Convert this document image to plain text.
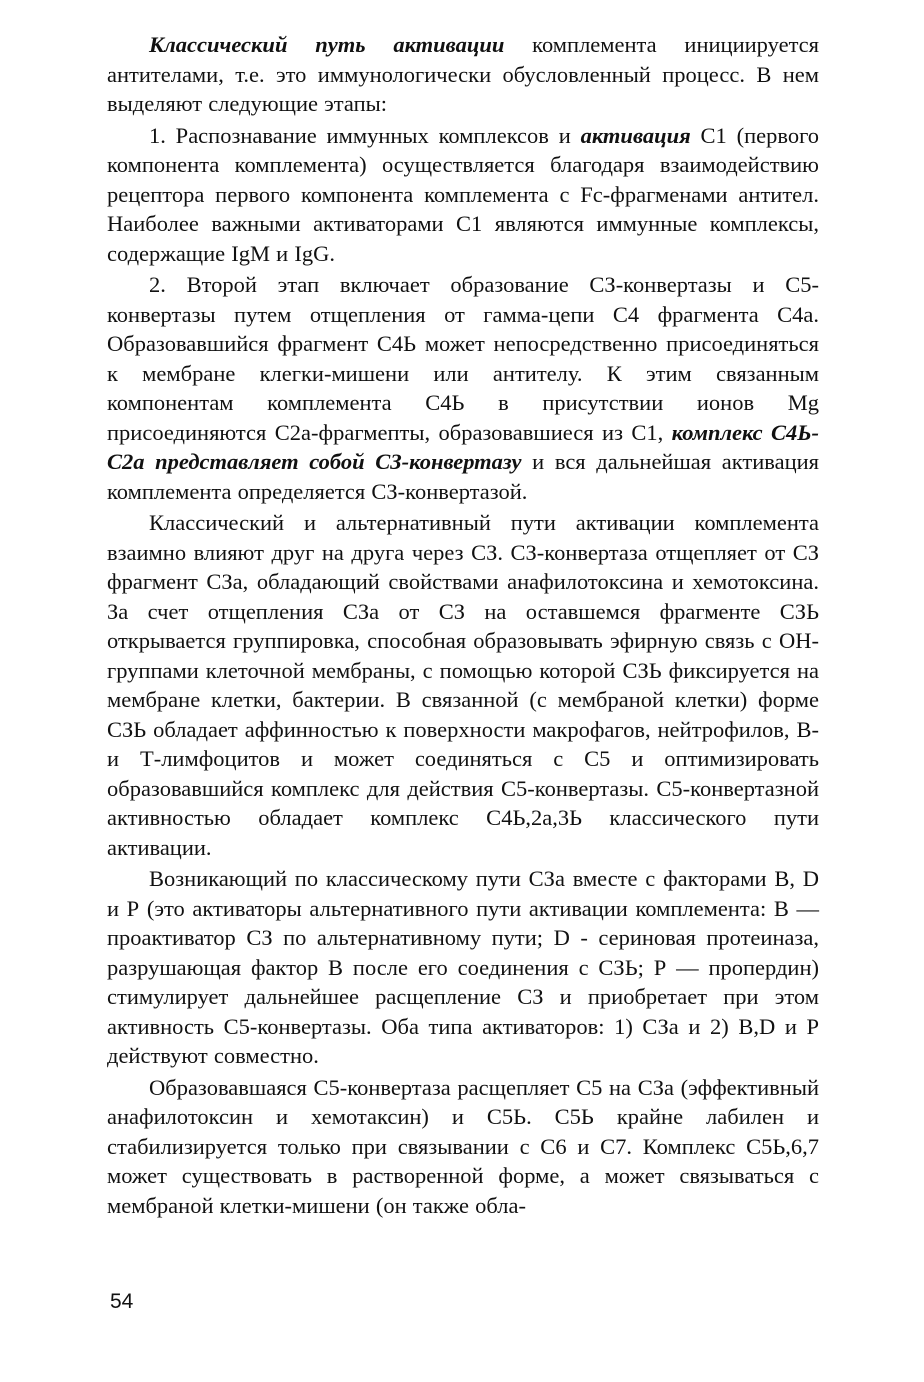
Классический путь активации комплемента инициируется антителами, т.е. это иммунологически обусловленный процесс. В нем выделяют следующие этапы:

1. Распознавание иммунных комплексов и активация С1 (первого компонента комплемента) осуществляется благодаря взаимодействию рецептора первого компонента комплемента с Fc-фрагменами антител. Наиболее важными активаторами С1 являются иммунные комплексы, содержащие IgM и IgG.

2. Второй этап включает образование СЗ-конвертазы и С5-конвертазы путем отщепления от гамма-цепи С4 фрагмента С4а. Образовавшийся фрагмент С4Ь может непосредственно присоединяться к мембране клегки-мишени или антителу. К этим связанным компонентам комплемента С4Ь в присутствии ионов Mg присоединяются С2а-фрагмепты, образовавшиеся из С1, комплекс С4Ь-С2а представляет собой СЗ-конвертазу и вся дальнейшая активация комплемента определяется СЗ-конвертазой.

Классический и альтернативный пути активации комплемента взаимно влияют друг на друга через СЗ. СЗ-конвертаза отщепляет от СЗ фрагмент СЗа, обладающий свойствами анафилотоксина и хемотоксина. За счет отщепления СЗа от СЗ на оставшемся фрагменте СЗЬ открывается группировка, способная образовывать эфирную связь с ОН-группами клеточной мембраны, с помощью которой СЗЬ фиксируется на мембране клетки, бактерии. В связанной (с мембраной клетки) форме СЗЬ обладает аффинностью к поверхности макрофагов, нейтрофилов, В- и Т-лимфоцитов и может соединяться с С5 и оптимизировать образовавшийся комплекс для действия С5-конвертазы. С5-конвертазной активностью обладает комплекс С4Ь,2а,3Ь классического пути активации.

Возникающий по классическому пути СЗа вместе с факторами В, D и Р (это активаторы альтернативного пути активации комплемента: В — проактиватор СЗ по альтернативному пути; D - сериновая протеиназа, разрушающая фактор В после его соединения с СЗЬ; Р — пропердин) стимулирует дальнейшее расщепление СЗ и приобретает при этом активность С5-конвертазы. Оба типа активаторов: 1) СЗа и 2) В,D и Р действуют совместно.

Образовавшаяся С5-конвертаза расщепляет С5 на СЗа (эффективный анафилотоксин и хемотаксин) и С5Ь. С5Ь крайне лабилен и стабилизируется только при связывании с С6 и С7. Комплекс С5Ь,6,7 может существовать в растворенной форме, а может связываться с мембраной клетки-мишени (он также обла-

54
